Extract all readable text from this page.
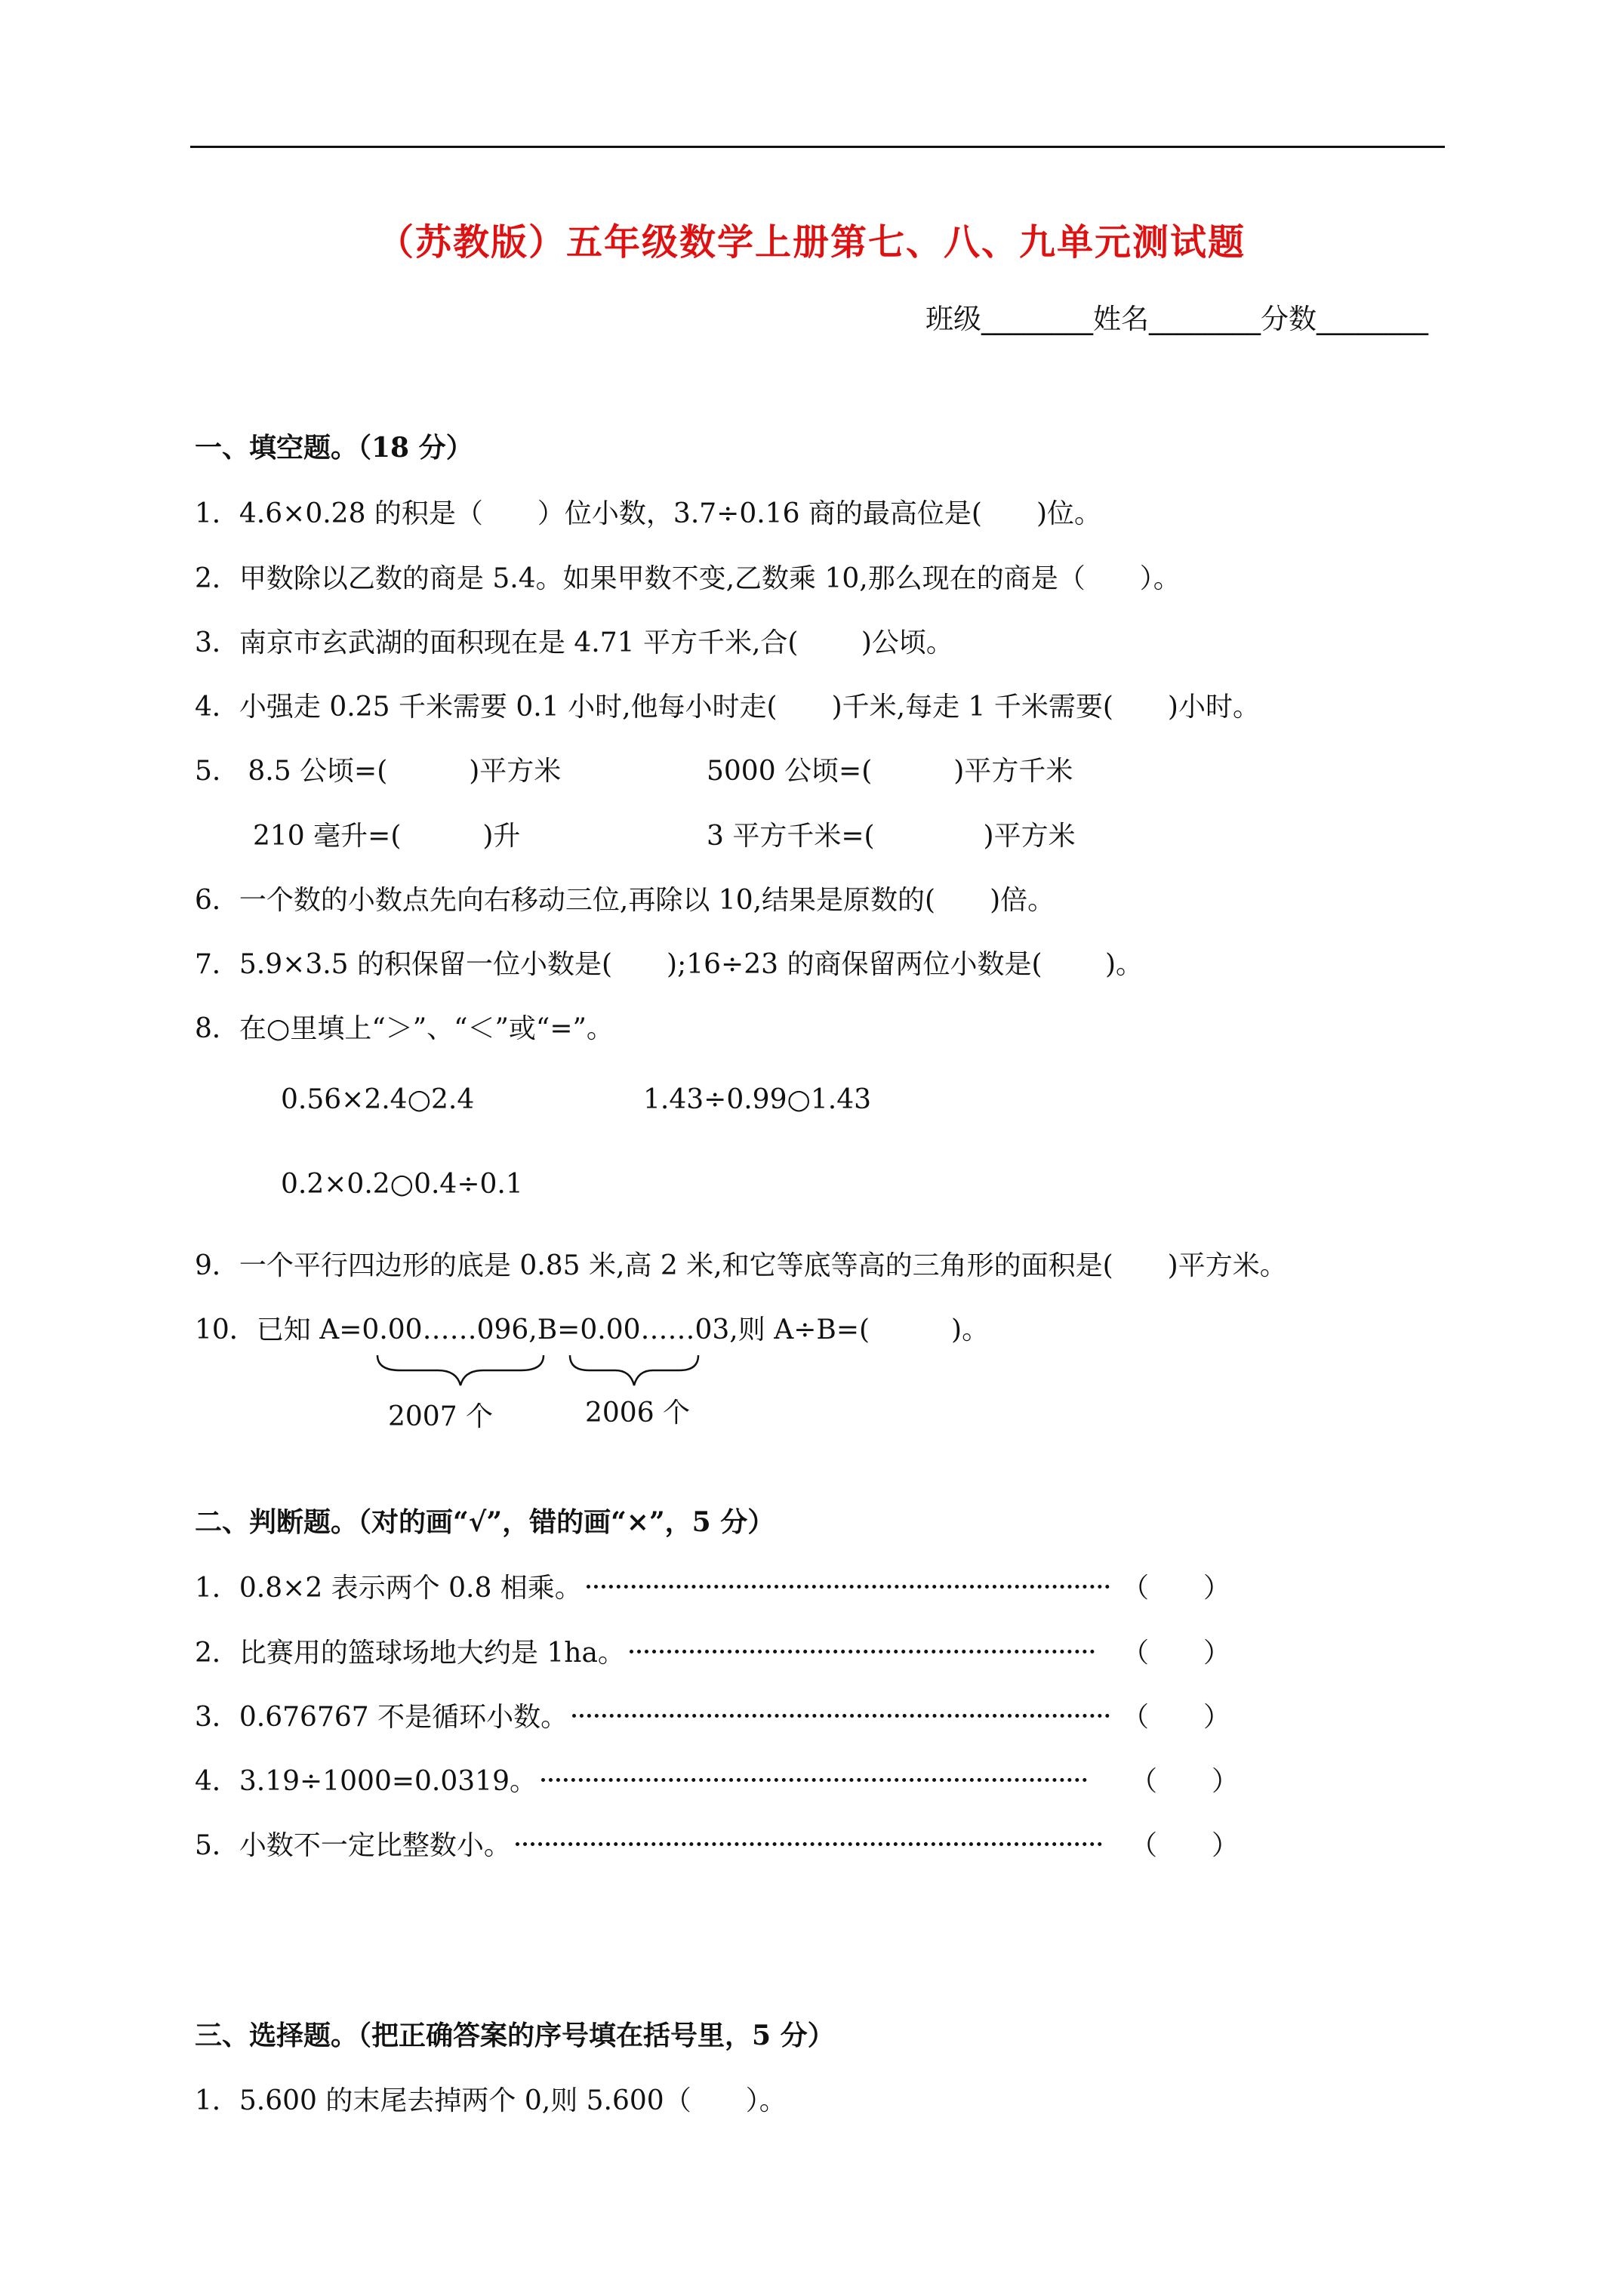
（苏教版）五年级数学上册第七、八、九单元测试题
班级________姓名________分数________
一、填空题。（18 分）
1．4.6×0.28 的积是（　　）位小数，3.7÷0.16 商的最高位是(　　)位。
2．甲数除以乙数的商是 5.4。如果甲数不变,乙数乘 10,那么现在的商是（　　）。
3．南京市玄武湖的面积现在是 4.71 平方千米,合(　　 )公顷。
4．小强走 0.25 千米需要 0.1 小时,他每小时走(　　)千米,每走 1 千米需要(　　)小时。
5.　8.5 公顷=(　　　)平方米	5000 公顷=(　　　)平方千米
210 毫升=(　　　)升	3 平方千米=(　　　　)平方米
6．一个数的小数点先向右移动三位,再除以 10,结果是原数的(　　)倍。
7．5.9×3.5 的积保留一位小数是(　　);16÷23 的商保留两位小数是(　　 )。
8．在○里填上“＞”、“＜”或“=”。
0.56×2.4○2.4	1.43÷0.99○1.43
0.2×0.2○0.4÷0.1
9．一个平行四边形的底是 0.85 米,高 2 米,和它等底等高的三角形的面积是(　　)平方米。
10．已知 A=0.00……096,B=0.00……03,则 A÷B=(　　　)。
2007 个	2006 个
二、判断题。（对的画“√”，错的画“×”，5 分）
1．0.8×2 表示两个 0.8 相乘。	（　　）
2．比赛用的篮球场地大约是 1ha。	（　　）
3．0.676767 不是循环小数。	（　　）
4．3.19÷1000=0.0319。	（　　）
5．小数不一定比整数小。	（　　）
三、选择题。（把正确答案的序号填在括号里，5 分）
1．5.600 的末尾去掉两个 0,则 5.600（　　）。
